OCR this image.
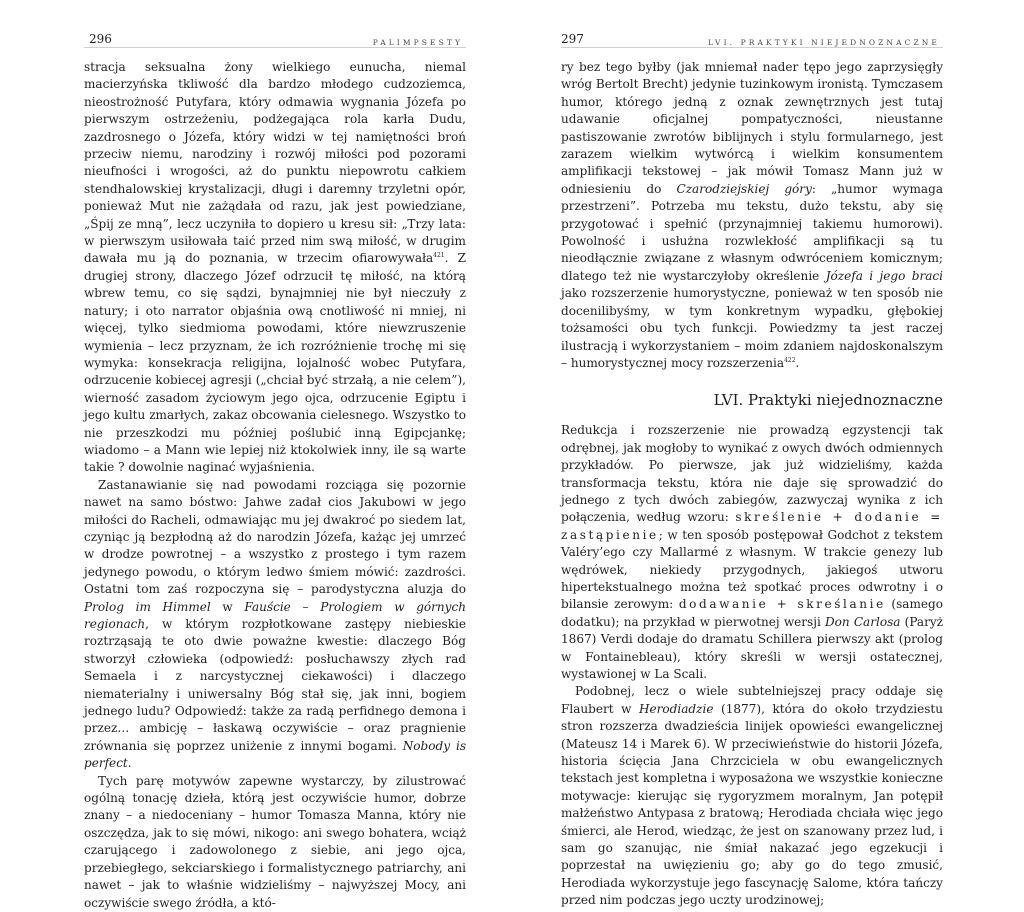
296	PALIMPSESTY

stracja seksualna żony wielkiego eunucha, niemal macierzyńska tkliwość dla bardzo młodego cudzoziemca, nieostrożność Putyfara, który odmawia wygnania Józefa po pierwszym ostrzeżeniu, podżegająca rola karła Dudu, zazdrosnego o Józefa, który widzi w tej namiętności broń przeciw niemu, narodziny i rozwój miłości pod pozorami nieufności i wrogości, aż do punktu niepowrotu całkiem stendhalowskiej krystalizacji, długi i daremny trzyletni opór, ponieważ Mut nie zażądała od razu, jak jest powiedziane, „Śpij ze mną”, lecz uczyniła to dopiero u kresu sił: „Trzy lata: w pierwszym usiłowała taić przed nim swą miłość, w drugim dawała mu ją do poznania, w trzecim ofiarowywała$^{421}$. Z drugiej strony, dlaczego Józef odrzucił tę miłość, na którą wbrew temu, co się sądzi, bynajmniej nie był nieczuły z natury; i oto narrator objaśnia ową cnotliwość ni mniej, ni więcej, tylko siedmioma powodami, które niewzruszenie wymienia – lecz przyznam, że ich rozróżnienie trochę mi się wymyka: konsekracja religijna, lojalność wobec Putyfara, odrzucenie kobiecej agresji („chciał być strzałą, a nie celem”), wierność zasadom życiowym jego ojca, odrzucenie Egiptu i jego kultu zmarłych, zakaz obcowania cielesnego. Wszystko to nie przeszkodzi mu później poślubić inną Egipcjankę; wiadomo – a Mann wie lepiej niż ktokolwiek inny, ile są warte takie ? dowolnie naginać wyjaśnienia.

Zastanawianie się nad powodami rozciąga się pozornie nawet na samo bóstwo: Jahwe zadał cios Jakubowi w jego miłości do Racheli, odmawiając mu jej dwakroć po siedem lat, czyniąc ją bezpłodną aż do narodzin Józefa, każąc jej umrzeć w drodze powrotnej – a wszystko z prostego i tym razem jedynego powodu, o którym ledwo śmiem mówić: zazdrości. Ostatni tom zaś rozpoczyna się – parodystyczna aluzja do Prolog im Himmel w Fauście – Prologiem w górnych regionach, w którym rozpłotkowane zastępy niebieskie roztrząsają te oto dwie poważne kwestie: dlaczego Bóg stworzył człowieka (odpowiedź: posłuchawszy złych rad Semaela i z narcystycznej ciekawości) i dlaczego niematerialny i uniwersalny Bóg stał się, jak inni, bogiem jednego ludu? Odpowiedź: także za radą perfidnego demona i przez… ambicję – łaskawą oczywiście – oraz pragnienie zrównania się poprzez uniżenie z innymi bogami. Nobody is perfect.

Tych parę motywów zapewne wystarczy, by zilustrować ogólną tonację dzieła, którą jest oczywiście humor, dobrze znany – a niedoceniany – humor Tomasza Manna, który nie oszczędza, jak to się mówi, nikogo: ani swego bohatera, wciąż czarującego i zadowolonego z siebie, ani jego ojca, przebiegłego, sekciarskiego i formalistycznego patriarchy, ani nawet – jak to właśnie widzieliśmy – najwyższej Mocy, ani oczywiście swego źródła, a któ-

297	LVI. PRAKTYKI NIEJEDNOZNACZNE

ry bez tego byłby (jak mniemał nader tępo jego zaprzysięgły wróg Bertolt Brecht) jedynie tuzinkowym ironistą. Tymczasem humor, którego jedną z oznak zewnętrznych jest tutaj udawanie oficjalnej pompatyczności, nieustanne pastiszowanie zwrotów biblijnych i stylu formularnego, jest zarazem wielkim wytwórcą i wielkim konsumentem amplifikacji tekstowej – jak mówił Tomasz Mann już w odniesieniu do Czarodziejskiej góry: „humor wymaga przestrzeni”. Potrzeba mu tekstu, dużo tekstu, aby się przygotować i spełnić (przynajmniej takiemu humorowi). Powolność i usłużna rozwlekłość amplifikacji są tu nieodłącznie związane z własnym odwróceniem komicznym; dlatego też nie wystarczyłoby określenie Józefa i jego braci jako rozszerzenie humorystyczne, ponieważ w ten sposób nie docenilibyśmy, w tym konkretnym wypadku, głębokiej tożsamości obu tych funkcji. Powiedzmy ta jest raczej ilustracją i wykorzystaniem – moim zdaniem najdoskonalszym – humorystycznej mocy rozszerzenia$^{422}$.

LVI. Praktyki niejednoznaczne

Redukcja i rozszerzenie nie prowadzą egzystencji tak odrębnej, jak mogłoby to wynikać z owych dwóch odmiennych przykładów. Po pierwsze, jak już widzieliśmy, każda transformacja tekstu, która nie daje się sprowadzić do jednego z tych dwóch zabiegów, zazwyczaj wynika z ich połączenia, według wzoru: skreślenie + dodanie = zastąpienie; w ten sposób postępował Godchot z tekstem Valéry’ego czy Mallarmé z własnym. W trakcie genezy lub wędrówek, niekiedy przygodnych, jakiegoś utworu hipertekstualnego można też spotkać proces odwrotny i o bilansie zerowym: dodawanie + skreślanie (samego dodatku); na przykład w pierwotnej wersji Don Carlosa (Paryż 1867) Verdi dodaje do dramatu Schillera pierwszy akt (prolog w Fontainebleau), który skreśli w wersji ostatecznej, wystawionej w La Scali.

Podobnej, lecz o wiele subtelniejszej pracy oddaje się Flaubert w Herodiadzie (1877), która do około trzydziestu stron rozszerza dwadzieścia linijek opowieści ewangelicznej (Mateusz 14 i Marek 6). W przeciwieństwie do historii Józefa, historia ścięcia Jana Chrzciciela w obu ewangelicznych tekstach jest kompletna i wyposażona we wszystkie konieczne motywacje: kierując się rygoryzmem moralnym, Jan potępił małżeństwo Antypasa z bratową; Herodiada chciała więc jego śmierci, ale Herod, wiedząc, że jest on szanowany przez lud, i sam go szanując, nie śmiał nakazać jego egzekucji i poprzestał na uwięzieniu go; aby go do tego zmusić, Herodiada wykorzystuje jego fascynację Salome, która tańczy przed nim podczas jego uczty urodzinowej;
